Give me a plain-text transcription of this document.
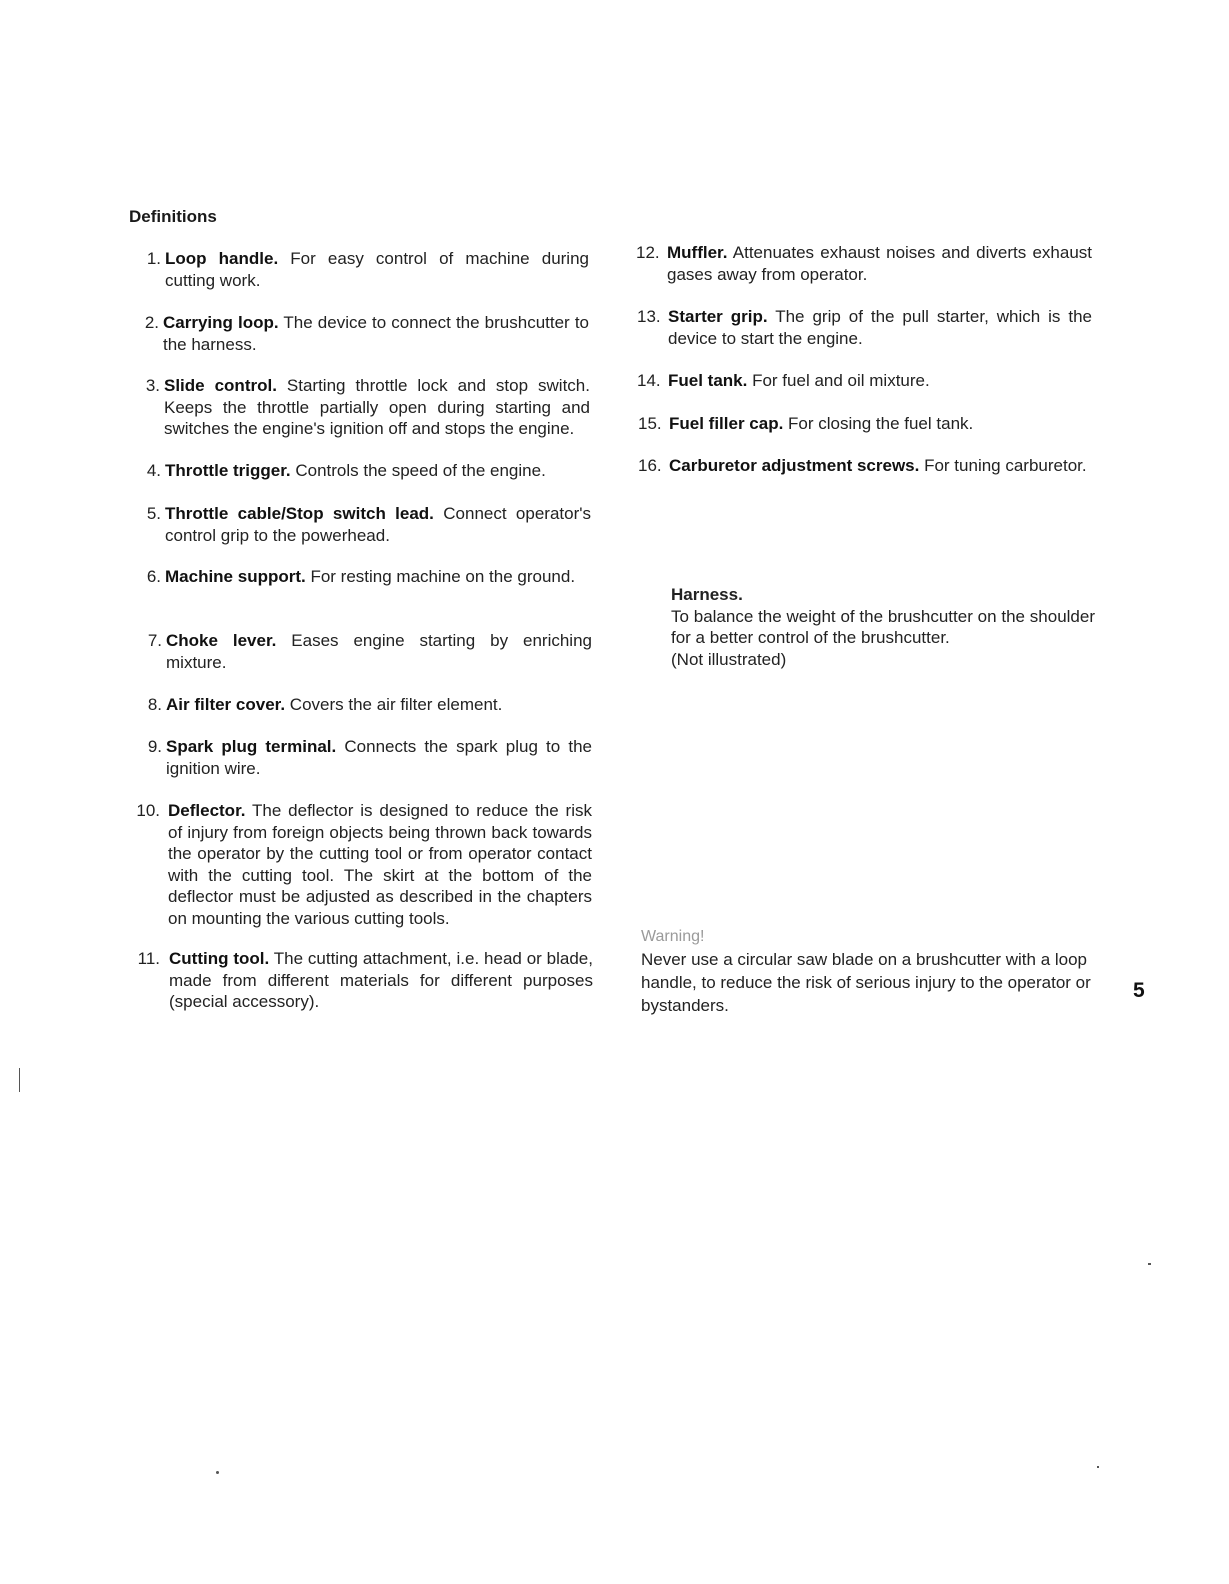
Definitions
1. Loop handle. For easy control of machine during cutting work.
2. Carrying loop. The device to connect the brushcutter to the harness.
3. Slide control. Starting throttle lock and stop switch. Keeps the throttle partially open during starting and switches the engine's ignition off and stops the engine.
4. Throttle trigger. Controls the speed of the engine.
5. Throttle cable/Stop switch lead. Connect operator's control grip to the powerhead.
6. Machine support. For resting machine on the ground.
7. Choke lever. Eases engine starting by enriching mixture.
8. Air filter cover. Covers the air filter element.
9. Spark plug terminal. Connects the spark plug to the ignition wire.
10. Deflector. The deflector is designed to reduce the risk of injury from foreign objects being thrown back towards the operator by the cutting tool or from operator contact with the cutting tool. The skirt at the bottom of the deflector must be adjusted as described in the chapters on mounting the various cutting tools.
11. Cutting tool. The cutting attachment, i.e. head or blade, made from different materials for different purposes (special accessory).
12. Muffler. Attenuates exhaust noises and diverts exhaust gases away from operator.
13. Starter grip. The grip of the pull starter, which is the device to start the engine.
14. Fuel tank. For fuel and oil mixture.
15. Fuel filler cap. For closing the fuel tank.
16. Carburetor adjustment screws. For tuning carburetor.
Harness.
To balance the weight of the brushcutter on the shoulder for a better control of the brushcutter.
(Not illustrated)
Warning!
Never use a circular saw blade on a brushcutter with a loop handle, to reduce the risk of serious injury to the operator or bystanders.
5
